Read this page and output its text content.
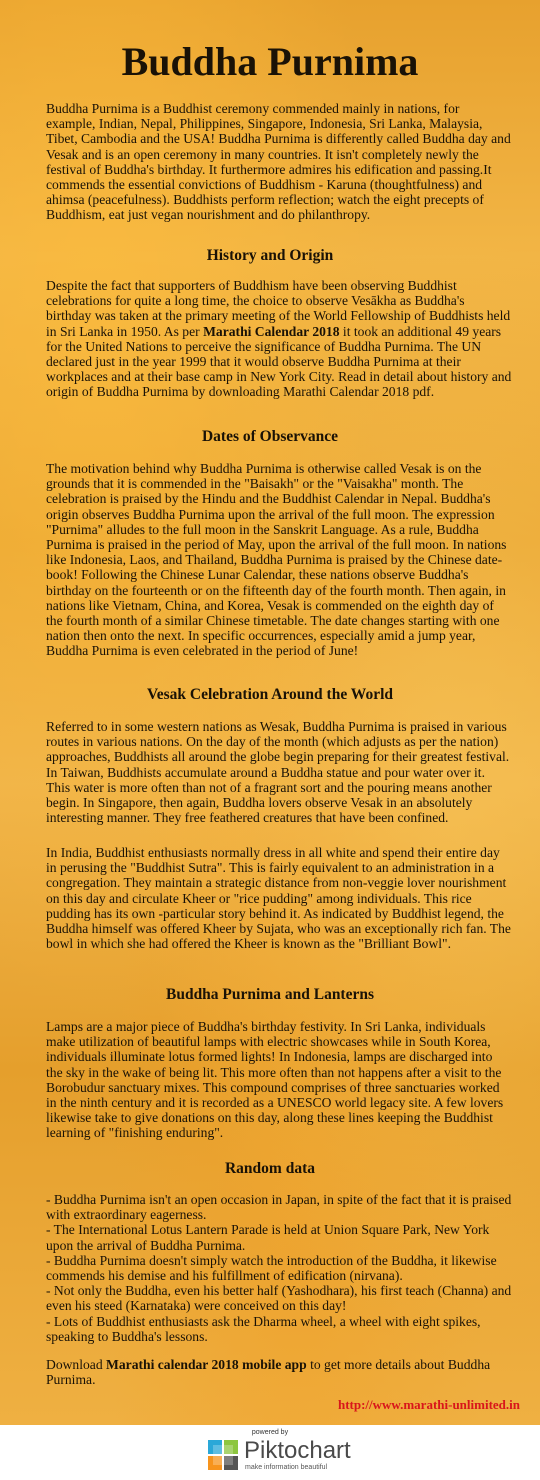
Buddha Purnima

Buddha Purnima is a Buddhist ceremony commended mainly in nations, for example, Indian, Nepal, Philippines, Singapore, Indonesia, Sri Lanka, Malaysia, Tibet, Cambodia and the USA! Buddha Purnima is differently called Buddha day and Vesak and is an open ceremony in many countries. It isn't completely newly the festival of Buddha's birthday. It furthermore admires his edification and passing.It commends the essential convictions of Buddhism - Karuna (thoughtfulness) and ahimsa (peacefulness). Buddhists perform reflection; watch the eight precepts of Buddhism, eat just vegan nourishment and do philanthropy.

History and Origin

Despite the fact that supporters of Buddhism have been observing Buddhist celebrations for quite a long time, the choice to observe Vesākha as Buddha's birthday was taken at the primary meeting of the World Fellowship of Buddhists held in Sri Lanka in 1950. As per Marathi Calendar 2018 it took an additional 49 years for the United Nations to perceive the significance of Buddha Purnima. The UN declared just in the year 1999 that it would observe Buddha Purnima at their workplaces and at their base camp in New York City. Read in detail about history and origin of Buddha Purnima by downloading Marathi Calendar 2018 pdf.

Dates of Observance

The motivation behind why Buddha Purnima is otherwise called Vesak is on the grounds that it is commended in the "Baisakh" or the "Vaisakha" month. The celebration is praised by the Hindu and the Buddhist Calendar in Nepal. Buddha's origin observes Buddha Purnima upon the arrival of the full moon. The expression "Purnima" alludes to the full moon in the Sanskrit Language. As a rule, Buddha Purnima is praised in the period of May, upon the arrival of the full moon. In nations like Indonesia, Laos, and Thailand, Buddha Purnima is praised by the Chinese date-book! Following the Chinese Lunar Calendar, these nations observe Buddha's birthday on the fourteenth or on the fifteenth day of the fourth month. Then again, in nations like Vietnam, China, and Korea, Vesak is commended on the eighth day of the fourth month of a similar Chinese timetable. The date changes starting with one nation then onto the next. In specific occurrences, especially amid a jump year, Buddha Purnima is even celebrated in the period of June!

Vesak Celebration Around the World

Referred to in some western nations as Wesak, Buddha Purnima is praised in various routes in various nations. On the day of the month (which adjusts as per the nation) approaches, Buddhists all around the globe begin preparing for their greatest festival. In Taiwan, Buddhists accumulate around a Buddha statue and pour water over it. This water is more often than not of a fragrant sort and the pouring means another begin. In Singapore, then again, Buddha lovers observe Vesak in an absolutely interesting manner. They free feathered creatures that have been confined.

In India, Buddhist enthusiasts normally dress in all white and spend their entire day in perusing the "Buddhist Sutra". This is fairly equivalent to an administration in a congregation. They maintain a strategic distance from non-veggie lover nourishment on this day and circulate Kheer or "rice pudding" among individuals. This rice pudding has its own -particular story behind it. As indicated by Buddhist legend, the Buddha himself was offered Kheer by Sujata, who was an exceptionally rich fan. The bowl in which she had offered the Kheer is known as the "Brilliant Bowl".

Buddha Purnima and Lanterns

Lamps are a major piece of Buddha's birthday festivity. In Sri Lanka, individuals make utilization of beautiful lamps with electric showcases while in South Korea, individuals illuminate lotus formed lights! In Indonesia, lamps are discharged into the sky in the wake of being lit. This more often than not happens after a visit to the Borobudur sanctuary mixes. This compound comprises of three sanctuaries worked in the ninth century and it is recorded as a UNESCO world legacy site. A few lovers likewise take to give donations on this day, along these lines keeping the Buddhist learning of "finishing enduring".

Random data
- Buddha Purnima isn't an open occasion in Japan, in spite of the fact that it is praised with extraordinary eagerness.
- The International Lotus Lantern Parade is held at Union Square Park, New York upon the arrival of Buddha Purnima.
- Buddha Purnima doesn't simply watch the introduction of the Buddha, it likewise commends his demise and his fulfillment of edification (nirvana).
- Not only the Buddha, even his better half (Yashodhara), his first teach (Channa) and even his steed (Karnataka) were conceived on this day!
- Lots of Buddhist enthusiasts ask the Dharma wheel, a wheel with eight spikes, speaking to Buddha's lessons.

Download Marathi calendar 2018 mobile app to get more details about Buddha Purnima.

http://www.marathi-unlimited.in
powered by
Piktochart
make information beautiful
